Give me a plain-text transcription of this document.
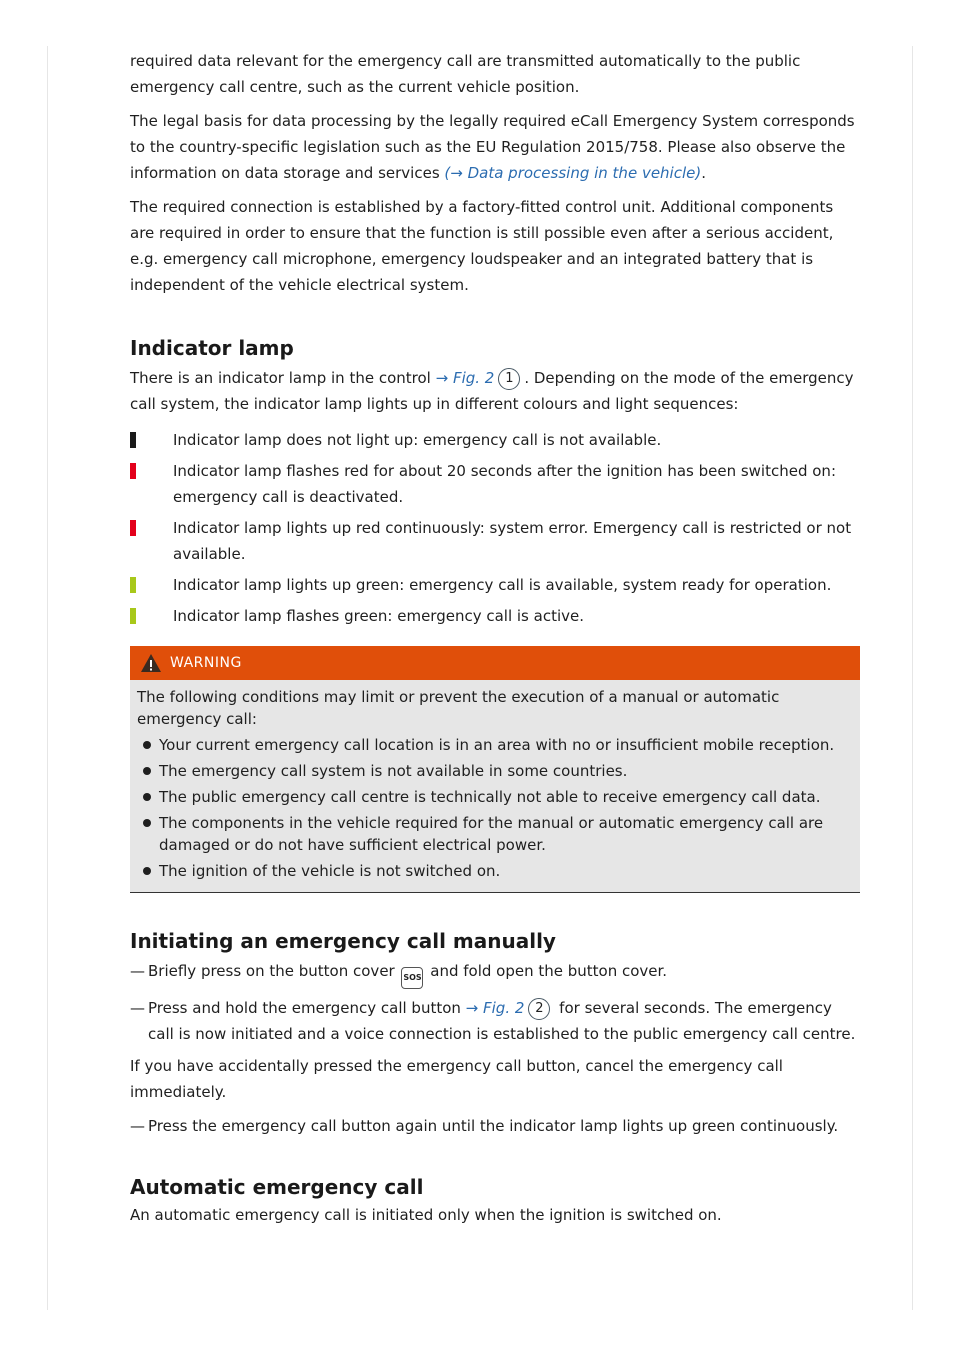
required data relevant for the emergency call are transmitted automatically to the public emergency call centre, such as the current vehicle position.

The legal basis for data processing by the legally required eCall Emergency System corresponds to the country-specific legislation such as the EU Regulation 2015/758. Please also observe the information on data storage and services (→ Data processing in the vehicle).

The required connection is established by a factory-fitted control unit. Additional components are required in order to ensure that the function is still possible even after a serious accident, e.g. emergency call microphone, emergency loudspeaker and an integrated battery that is independent of the vehicle electrical system.

Indicator lamp

There is an indicator lamp in the control → Fig. 2 1 . Depending on the mode of the emergency call system, the indicator lamp lights up in different colours and light sequences:

Indicator lamp does not light up: emergency call is not available.
Indicator lamp flashes red for about 20 seconds after the ignition has been switched on: emergency call is deactivated.
Indicator lamp lights up red continuously: system error. Emergency call is restricted or not available.
Indicator lamp lights up green: emergency call is available, system ready for operation.
Indicator lamp flashes green: emergency call is active.
WARNING

The following conditions may limit or prevent the execution of a manual or automatic emergency call:

Your current emergency call location is in an area with no or insufficient mobile reception.
The emergency call system is not available in some countries.
The public emergency call centre is technically not able to receive emergency call data.
The components in the vehicle required for the manual or automatic emergency call are damaged or do not have sufficient electrical power.
The ignition of the vehicle is not switched on.
Initiating an emergency call manually
— Briefly press on the button cover SOS and fold open the button cover.
— Press and hold the emergency call button → Fig. 2 2 for several seconds. The emergency call is now initiated and a voice connection is established to the public emergency call centre.

If you have accidentally pressed the emergency call button, cancel the emergency call immediately.

— Press the emergency call button again until the indicator lamp lights up green continuously.
Automatic emergency call

An automatic emergency call is initiated only when the ignition is switched on.
